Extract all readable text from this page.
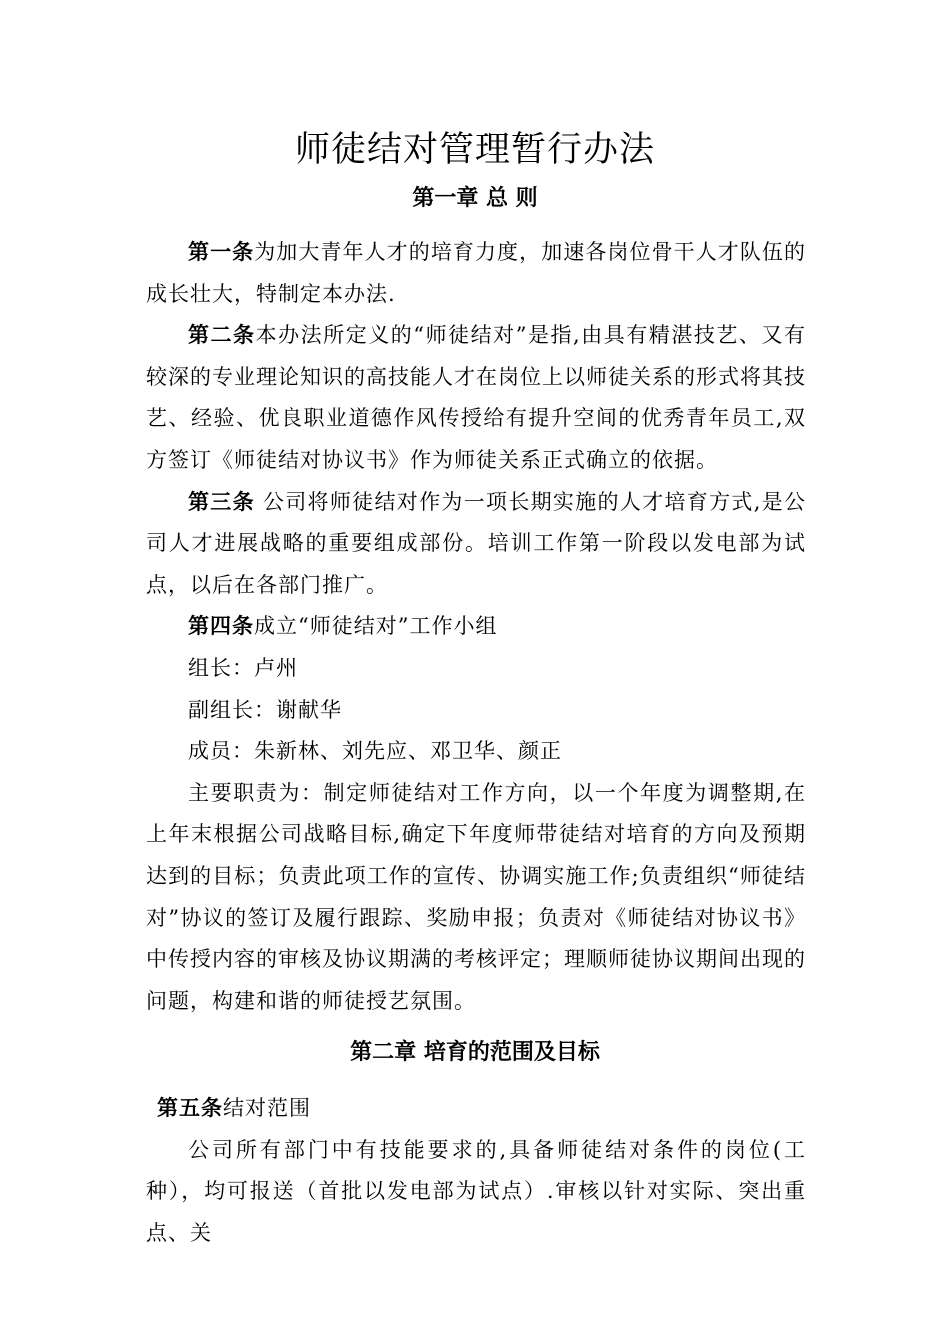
师徒结对管理暂行办法
第一章 总 则

第一条为加大青年人才的培育力度，加速各岗位骨干人才队伍的成长壮大，特制定本办法.

第二条本办法所定义的“师徒结对”是指,由具有精湛技艺、又有较深的专业理论知识的高技能人才在岗位上以师徒关系的形式将其技艺、经验、优良职业道德作风传授给有提升空间的优秀青年员工,双方签订《师徒结对协议书》作为师徒关系正式确立的依据。

第三条 公司将师徒结对作为一项长期实施的人才培育方式,是公司人才进展战略的重要组成部份。培训工作第一阶段以发电部为试点，以后在各部门推广。

第四条成立“师徒结对”工作小组

组长：卢州

副组长：谢献华

成员：朱新林、刘先应、邓卫华、颜正

主要职责为：制定师徒结对工作方向，以一个年度为调整期,在上年末根据公司战略目标,确定下年度师带徒结对培育的方向及预期达到的目标；负责此项工作的宣传、协调实施工作;负责组织“师徒结对”协议的签订及履行跟踪、奖励申报；负责对《师徒结对协议书》中传授内容的审核及协议期满的考核评定；理顺师徒协议期间出现的问题，构建和谐的师徒授艺氛围。

第二章 培育的范围及目标

第五条结对范围

公司所有部门中有技能要求的,具备师徒结对条件的岗位(工种），均可报送（首批以发电部为试点）.审核以针对实际、突出重点、关
